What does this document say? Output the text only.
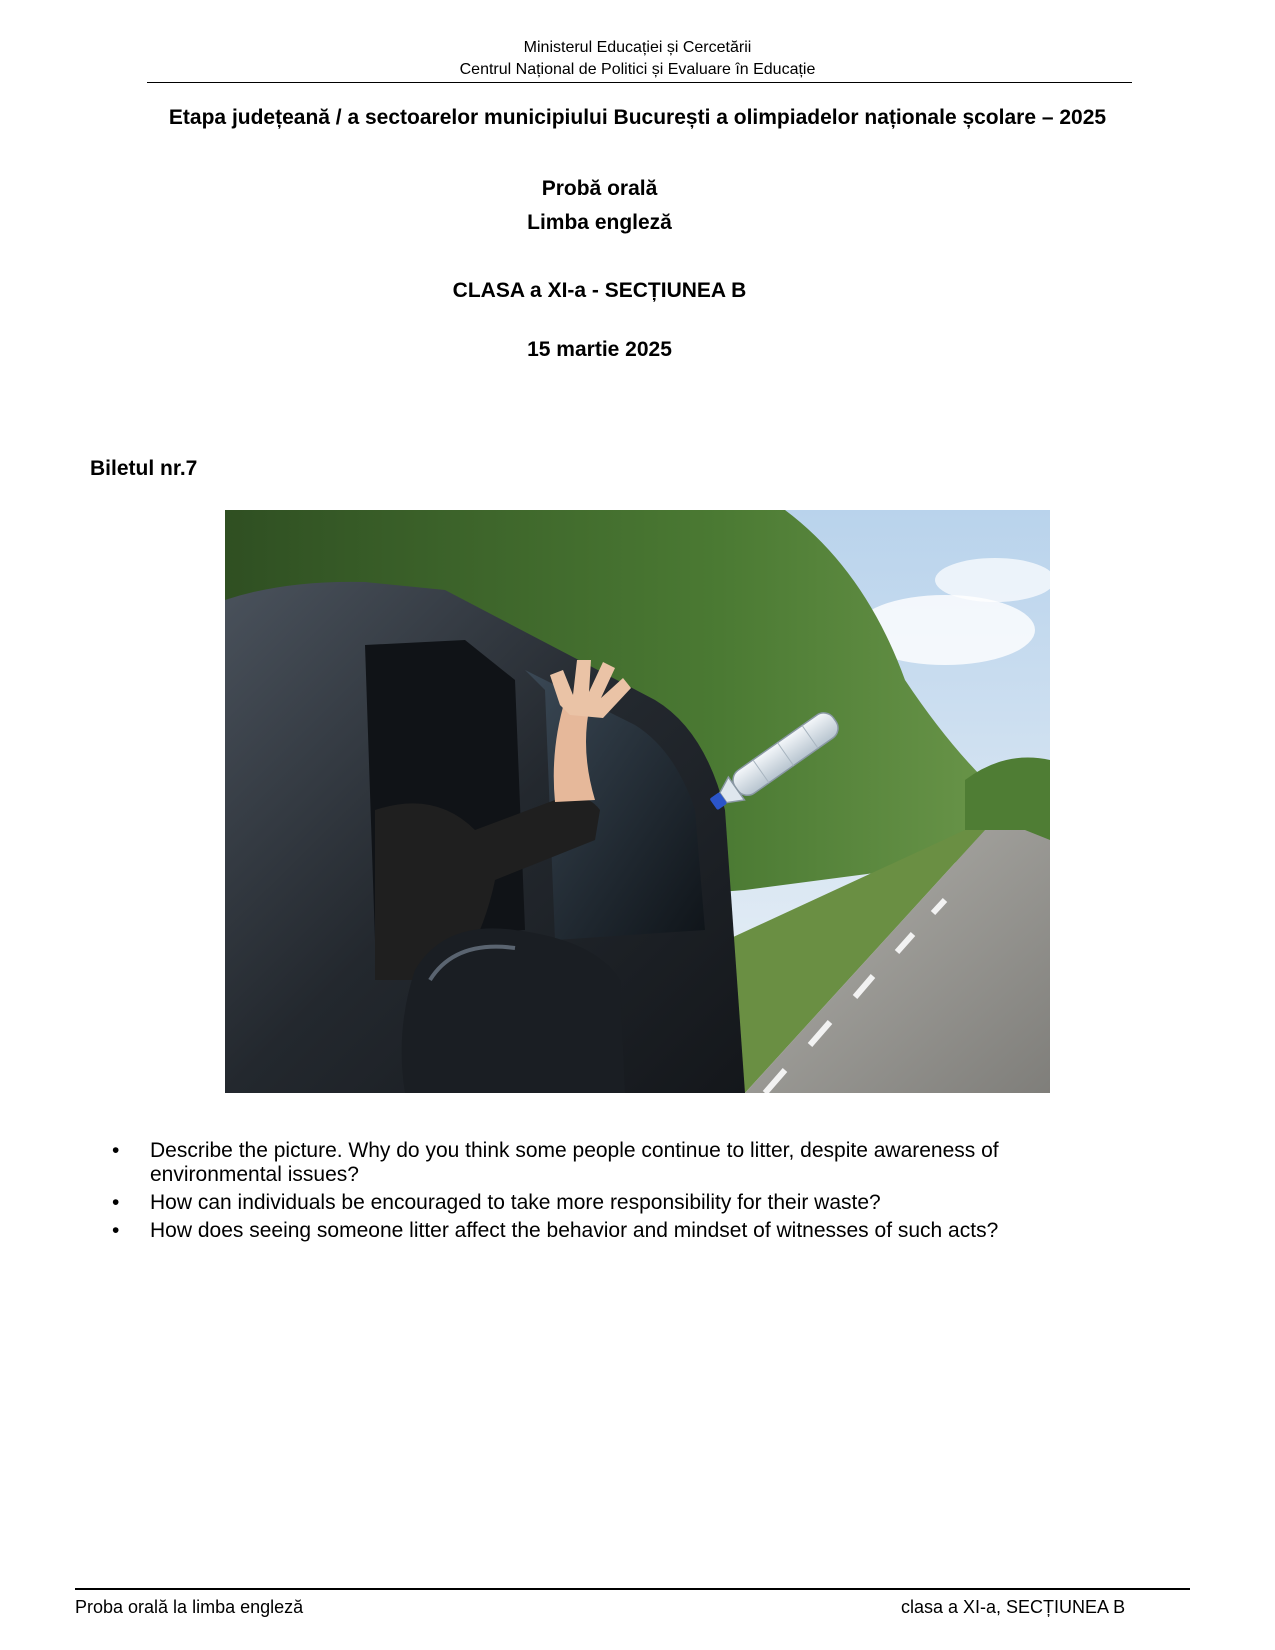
Ministerul Educației și Cercetării
Centrul Național de Politici și Evaluare în Educație
Etapa județeană / a sectoarelor municipiului București a olimpiadelor naționale școlare – 2025
Probă orală
Limba engleză
CLASA a XI-a - SECȚIUNEA B
15 martie 2025
Biletul nr.7
• Describe the picture. Why do you think some people continue to litter, despite awareness of environmental issues?
• How can individuals be encouraged to take more responsibility for their waste?
• How does seeing someone litter affect the behavior and mindset of witnesses of such acts?
Proba orală la limba engleză	clasa a XI-a, SECȚIUNEA B
